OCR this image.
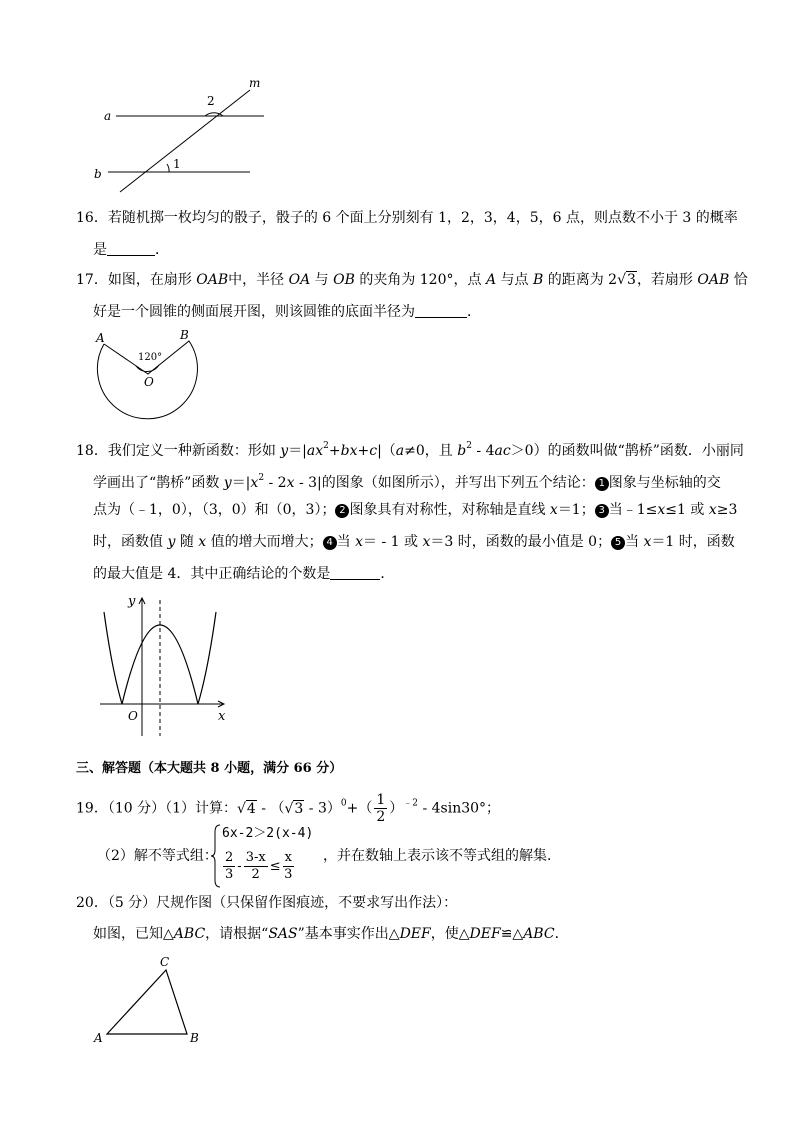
m
a
b
2
1
16．若随机掷一枚均匀的骰子，骰子的 6 个面上分别刻有 1，2，3，4，5，6 点，则点数不小于 3 的概率
是	．
17．如图，在扇形 OAB中，半径 OA 与 OB 的夹角为 120°，点 A 与点 B 的距离为 2√3，若扇形 OAB 恰
好是一个圆锥的侧面展开图，则该圆锥的底面半径为	．
A	B
O
120°
18．我们定义一种新函数：形如 $y=|ax^2+bx+c|(a\ne 0$，且 $b^2 - 4ac>0$）的函数叫做“鹊桥”函数．小丽同
学画出了“鹊桥”函数 $y=|x^2 - 2x - 3|$的图象（如图所示），并写出下列五个结论： 1 图象与坐标轴的交
点为（﹣1，0），（3，0）和（0，3）； 2 图象具有对称性，对称轴是直线 x＝1； 3 当﹣1≤x≤1 或 x≥3
时，函数值 y 随 x 值的增大而增大； 4 当 x＝ - 1 或 x＝3 时，函数的最小值是 0； 5 当 x＝1 时，函数
的最大值是 4．其中正确结论的个数是	．
y
x
O
三、解答题（本大题共 8 小题，满分 66 分）
19．（10 分）（1）计算：$√4 - (√3 - 3)^0+( \frac{1}{2} )^{﹣2} - 4\sin 30^\circ$；
（2）解不等式组：
6x-2＞2(x-4)
$\frac{2}{3} - \frac{3-x}{2} \le \frac{x}{3}$ ，并在数轴上表示该不等式组的解集．
20．（5 分）尺规作图（只保留作图痕迹，不要求写出作法）：
如图，已知△ABC，请根据“SAS”基本事实作出△DEF，使△DEF≌△ABC．
C
A	B
